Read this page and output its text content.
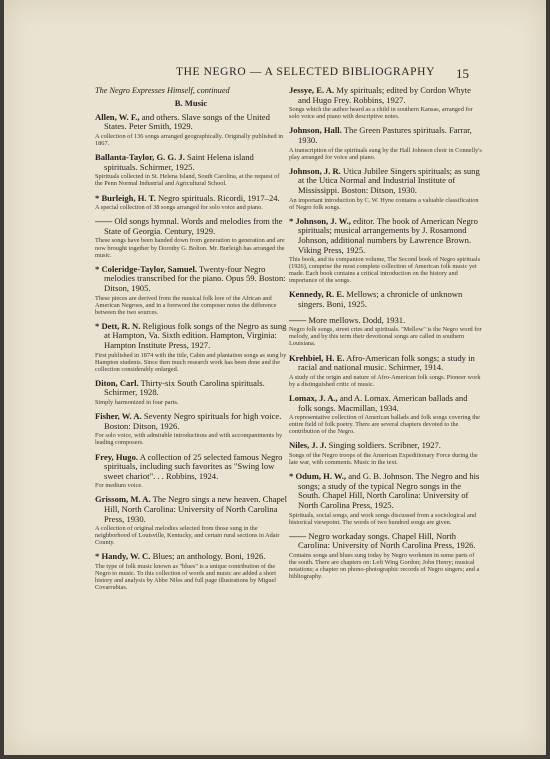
THE NEGRO — A SELECTED BIBLIOGRAPHY 15
The Negro Expresses Himself, continued
B. Music
Allen, W. F., and others. Slave songs of the United States. Peter Smith, 1929.
A collection of 136 songs arranged geographically. Originally published in 1867.
Ballanta-Taylor, G. G. J. Saint Helena island spirituals. Schirmer, 1925.
Spirituals collected in St. Helena Island, South Carolina, at the request of the Penn Normal Industrial and Agricultural School.
* Burleigh, H. T. Negro spirituals. Ricordi, 1917–24.
A special collection of 38 songs arranged for solo voice and piano.
—— Old songs hymnal. Words and melodies from the State of Georgia. Century, 1929.
These songs have been handed down from generation to generation and are now brought together by Dorothy G. Bolton. Mr. Burleigh has arranged the music.
* Coleridge-Taylor, Samuel. Twenty-four Negro melodies transcribed for the piano. Opus 59. Boston: Ditson, 1905.
These pieces are derived from the musical folk lore of the African and American Negroes, and in a foreword the composer notes the difference between the two sources.
* Dett, R. N. Religious folk songs of the Negro as sung at Hampton, Va. Sixth edition. Hampton, Virginia: Hampton Institute Press, 1927.
First published in 1874 with the title, Cabin and plantation songs as sung by Hampton students. Since then much research work has been done and the collection considerably enlarged.
Diton, Carl. Thirty-six South Carolina spirituals. Schirmer, 1928.
Simply harmonized in four parts.
Fisher, W. A. Seventy Negro spirituals for high voice. Boston: Ditson, 1926.
For solo voice, with admirable introductions and with accompaniments by leading composers.
Frey, Hugo. A collection of 25 selected famous Negro spirituals, including such favorites as "Swing low sweet chariot". . . Robbins, 1924.
For medium voice.
Grissom, M. A. The Negro sings a new heaven. Chapel Hill, North Carolina: University of North Carolina Press, 1930.
A collection of original melodies selected from those sung in the neighborhood of Louisville, Kentucky, and certain rural sections in Adair County.
* Handy, W. C. Blues; an anthology. Boni, 1926.
The type of folk music known as "blues" is a unique contribution of the Negro to music. To this collection of words and music are added a short history and analysis by Abbe Niles and full page illustrations by Miguel Covarrubias.
Jessye, E. A. My spirituals; edited by Cordon Whyte and Hugo Frey. Robbins, 1927.
Songs which the author heard as a child in southern Kansas, arranged for solo voice and piano with descriptive notes.
Johnson, Hall. The Green Pastures spirituals. Farrar, 1930.
A transcription of the spirituals sung by the Hall Johnson choir in Connelly's play arranged for voice and piano.
Johnson, J. R. Utica Jubilee Singers spirituals; as sung at the Utica Normal and Industrial Institute of Mississippi. Boston: Ditson, 1930.
An important introduction by C. W. Hyne contains a valuable classification of Negro folk songs.
* Johnson, J. W., editor. The book of American Negro spirituals; musical arrangements by J. Rosamond Johnson, additional numbers by Lawrence Brown. Viking Press, 1925.
This book, and its companion volume, The Second book of Negro spirituals (1926), comprise the most complete collection of American folk music yet made. Each book contains a critical introduction on the history and importance of the songs.
Kennedy, R. E. Mellows; a chronicle of unknown singers. Boni, 1925.
—— More mellows. Dodd, 1931.
Negro folk songs, street cries and spirituals. "Mellow" is the Negro word for melody, and by this term their devotional songs are called in southern Louisiana.
Krehbiel, H. E. Afro-American folk songs; a study in racial and national music. Schirmer, 1914.
A study of the origin and nature of Afro-American folk songs. Pioneer work by a distinguished critic of music.
Lomax, J. A., and A. Lomax. American ballads and folk songs. Macmillan, 1934.
A representative collection of American ballads and folk songs covering the entire field of folk poetry. There are several chapters devoted to the contribution of the Negro.
Niles, J. J. Singing soldiers. Scribner, 1927.
Songs of the Negro troops of the American Expeditionary Force during the late war, with comments. Music in the text.
* Odum, H. W., and G. B. Johnson. The Negro and his songs; a study of the typical Negro songs in the South. Chapel Hill, North Carolina: University of North Carolina Press, 1925.
Spirituals, social songs, and work songs discussed from a sociological and historical viewpoint. The words of two hundred songs are given.
—— Negro workaday songs. Chapel Hill, North Carolina: University of North Carolina Press, 1926.
Contains songs and blues sung today by Negro workmen in some parts of the south. There are chapters on: Left Wing Gordon; John Henry; musical notations; a chapter on phono-photographic records of Negro singers; and a bibliography.
